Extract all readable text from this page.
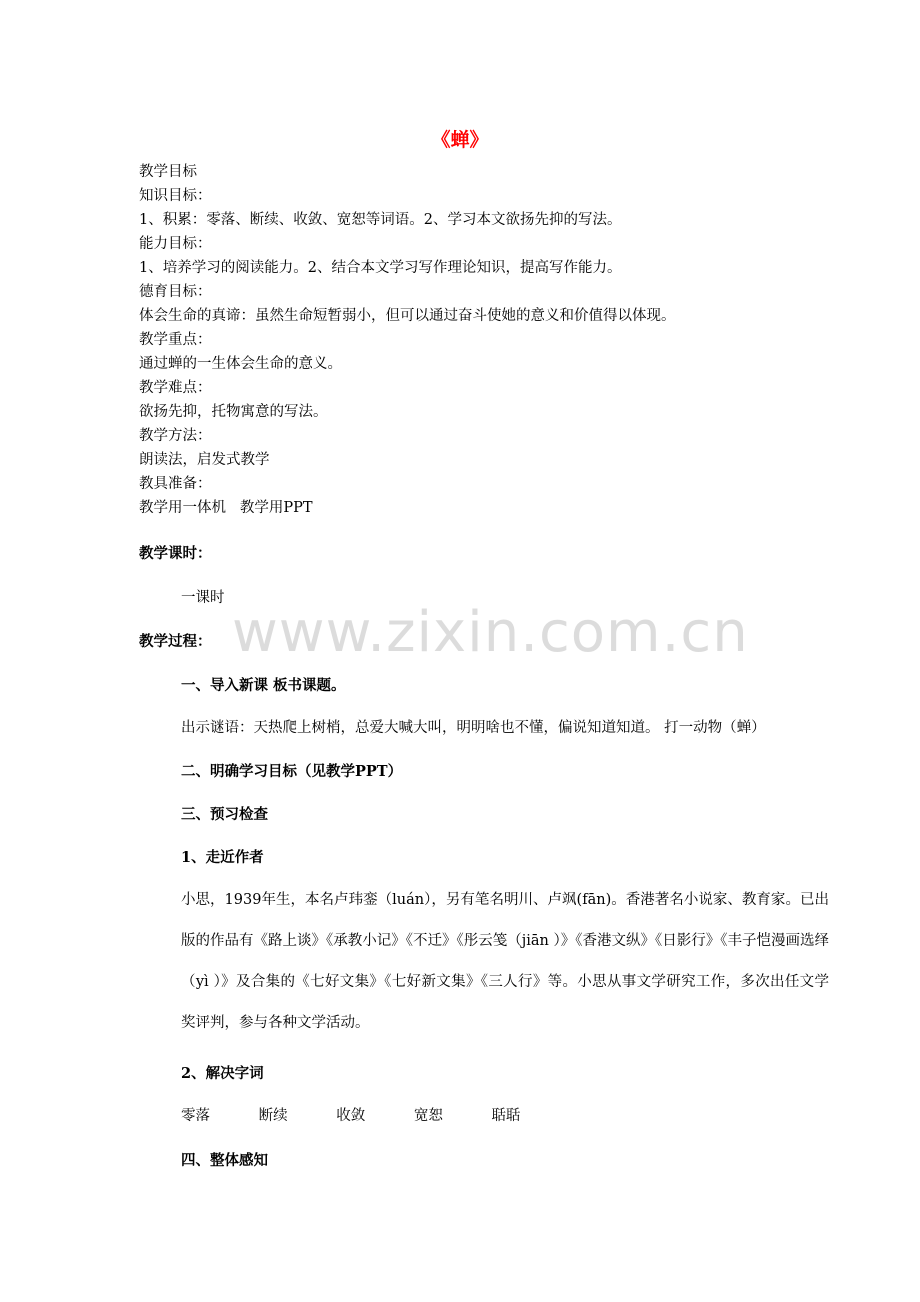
《蝉》
教学目标
知识目标：
1、积累：零落、断续、收敛、宽恕等词语。2、学习本文欲扬先抑的写法。
能力目标：
1、培养学习的阅读能力。2、结合本文学习写作理论知识，提高写作能力。
德育目标：
体会生命的真谛：虽然生命短暂弱小，但可以通过奋斗使她的意义和价值得以体现。
教学重点：
通过蝉的一生体会生命的意义。
教学难点：
欲扬先抑，托物寓意的写法。
教学方法：
朗读法，启发式教学
教具准备：
教学用一体机   教学用PPT
教学课时：
一课时
教学过程：
一、导入新课 板书课题。
出示谜语：天热爬上树梢，总爱大喊大叫，明明啥也不懂，偏说知道知道。 打一动物（蝉）
二、明确学习目标（见教学PPT）
三、预习检查
1、走近作者
小思，1939年生，本名卢玮銮（luán），另有笔名明川、卢飒(fān)。香港著名小说家、教育家。已出版的作品有《路上谈》《承教小记》《不迁》《彤云笺（jiān ）》《香港文纵》《日影行》《丰子恺漫画选绎（yì ）》及合集的《七好文集》《七好新文集》《三人行》等。小思从事文学研究工作，多次出任文学奖评判，参与各种文学活动。
2、解决字词
零落	断续	收敛	宽恕	聒聒
四、整体感知
www.zixin.com.cn
